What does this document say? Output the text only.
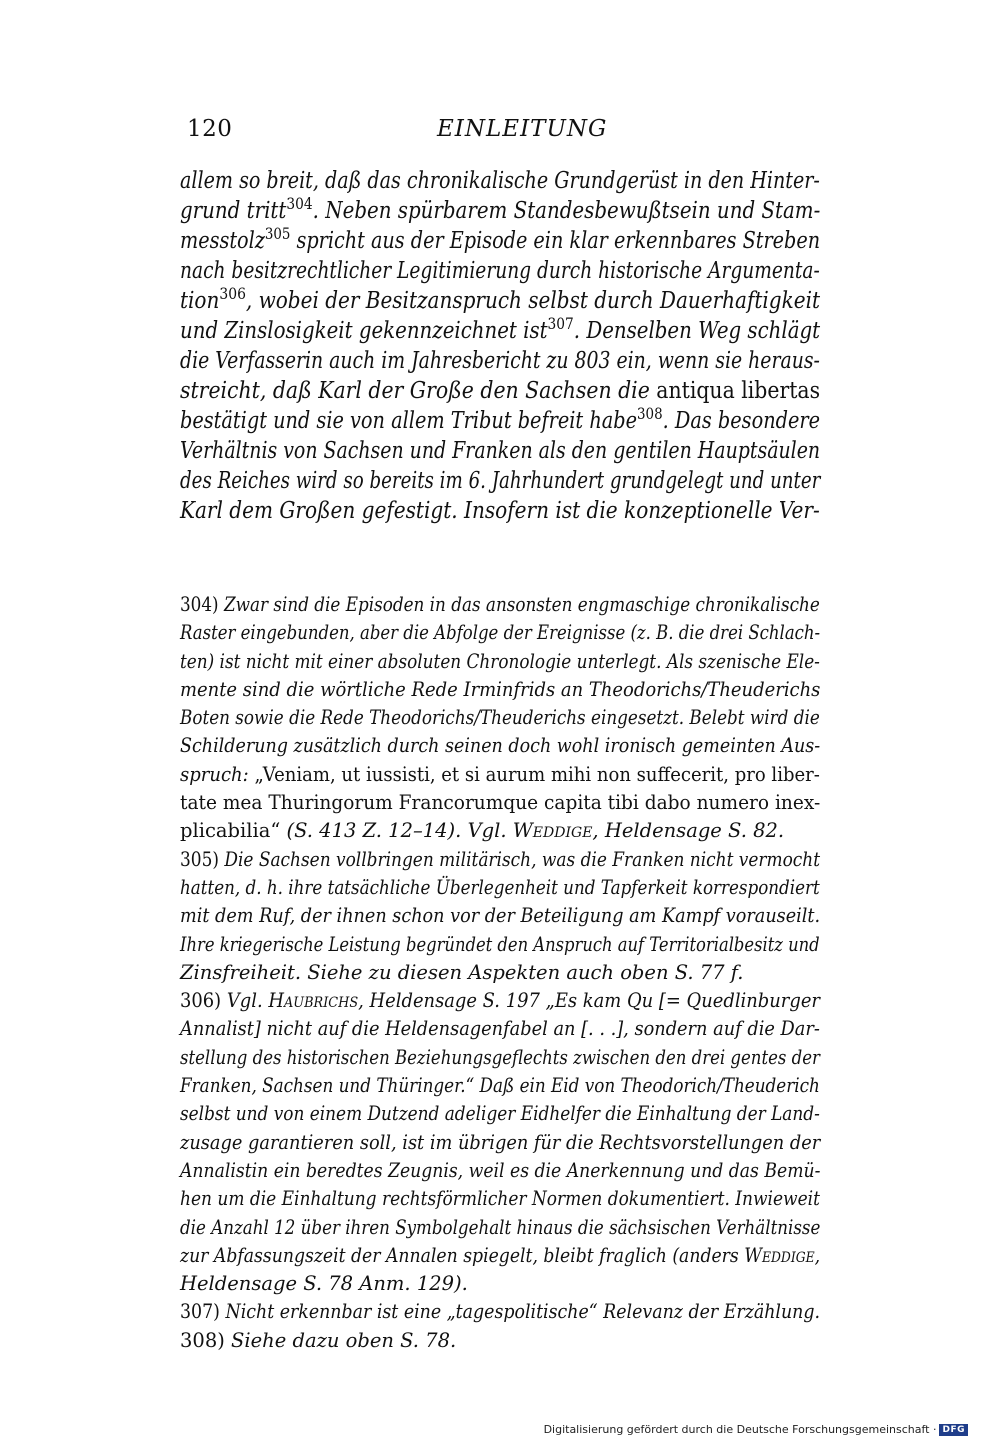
120	EINLEITUNG
allem so breit, daß das chronikalische Grundgerüst in den Hinter-
grund tritt$^{304}$. Neben spürbarem Standesbewußtsein und Stam-
messtolz$^{305}$ spricht aus der Episode ein klar erkennbares Streben
nach besitzrechtlicher Legitimierung durch historische Argumenta-
tion$^{306}$, wobei der Besitzanspruch selbst durch Dauerhaftigkeit
und Zinslosigkeit gekennzeichnet ist$^{307}$. Denselben Weg schlägt
die Verfasserin auch im Jahresbericht zu 803 ein, wenn sie heraus-
streicht, daß Karl der Große den Sachsen die antiqua libertas
bestätigt und sie von allem Tribut befreit habe$^{308}$. Das besondere
Verhältnis von Sachsen und Franken als den gentilen Hauptsäulen
des Reiches wird so bereits im 6. Jahrhundert grundgelegt und unter
Karl dem Großen gefestigt. Insofern ist die konzeptionelle Ver-
304) Zwar sind die Episoden in das ansonsten engmaschige chronikalische
Raster eingebunden, aber die Abfolge der Ereignisse (z. B. die drei Schlach-
ten) ist nicht mit einer absoluten Chronologie unterlegt. Als szenische Ele-
mente sind die wörtliche Rede Irminfrids an Theodorichs/Theuderichs
Boten sowie die Rede Theodorichs/Theuderichs eingesetzt. Belebt wird die
Schilderung zusätzlich durch seinen doch wohl ironisch gemeinten Aus-
spruch: „Veniam, ut iussisti, et si aurum mihi non suffecerit, pro liber-
tate mea Thuringorum Francorumque capita tibi dabo numero inex-
plicabilia“ (S. 413 Z. 12–14). Vgl. Weddige, Heldensage S. 82.
305) Die Sachsen vollbringen militärisch, was die Franken nicht vermocht
hatten, d. h. ihre tatsächliche Überlegenheit und Tapferkeit korrespondiert
mit dem Ruf, der ihnen schon vor der Beteiligung am Kampf vorauseilt.
Ihre kriegerische Leistung begründet den Anspruch auf Territorialbesitz und
Zinsfreiheit. Siehe zu diesen Aspekten auch oben S. 77 f.
306) Vgl. Haubrichs, Heldensage S. 197 „Es kam Qu [= Quedlinburger
Annalist] nicht auf die Heldensagenfabel an [. . .], sondern auf die Dar-
stellung des historischen Beziehungsgeflechts zwischen den drei gentes der
Franken, Sachsen und Thüringer.“ Daß ein Eid von Theodorich/Theuderich
selbst und von einem Dutzend adeliger Eidhelfer die Einhaltung der Land-
zusage garantieren soll, ist im übrigen für die Rechtsvorstellungen der
Annalistin ein beredtes Zeugnis, weil es die Anerkennung und das Bemü-
hen um die Einhaltung rechtsförmlicher Normen dokumentiert. Inwieweit
die Anzahl 12 über ihren Symbolgehalt hinaus die sächsischen Verhältnisse
zur Abfassungszeit der Annalen spiegelt, bleibt fraglich (anders Weddige,
Heldensage S. 78 Anm. 129).
307) Nicht erkennbar ist eine „tagespolitische“ Relevanz der Erzählung.
308) Siehe dazu oben S. 78.
Digitalisierung gefördert durch die Deutsche Forschungsgemeinschaft · DFG
